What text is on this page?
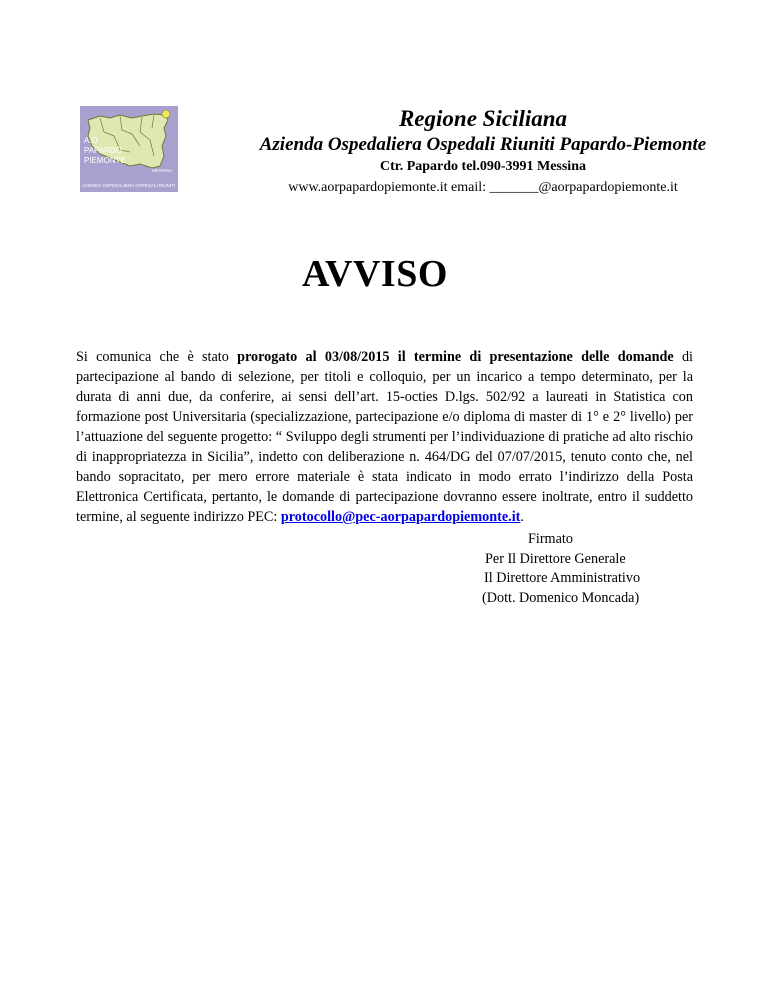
A.O.
PAPARDO
PIEMONTE
MESSINA
AZIENDA OSPEDALIERA OSPEDALI RIUNITI
Regione Siciliana
Azienda Ospedaliera Ospedali Riuniti Papardo-Piemonte
Ctr. Papardo tel.090-3991 Messina
www.aorpapardopiemonte.it email: _______@aorpapardopiemonte.it
AVVISO
Si comunica che è stato prorogato al 03/08/2015 il termine di presentazione delle domande di partecipazione al bando di selezione, per titoli e colloquio, per un incarico a tempo determinato, per la durata di anni due, da conferire, ai sensi dell’art. 15-octies D.lgs. 502/92 a laureati in Statistica con formazione post Universitaria (specializzazione, partecipazione e/o diploma di master di 1° e 2° livello) per l’attuazione del seguente progetto: “ Sviluppo degli strumenti per l’individuazione di pratiche ad alto rischio di inappropriatezza in Sicilia”, indetto con deliberazione n. 464/DG del 07/07/2015, tenuto conto che, nel bando sopracitato, per mero errore materiale è stata indicato in modo errato l’indirizzo della Posta Elettronica Certificata, pertanto, le domande di partecipazione dovranno essere inoltrate, entro il suddetto termine, al seguente indirizzo PEC: protocollo@pec-aorpapardopiemonte.it.
Firmato
Per Il Direttore Generale
Il Direttore Amministrativo
(Dott. Domenico Moncada)
